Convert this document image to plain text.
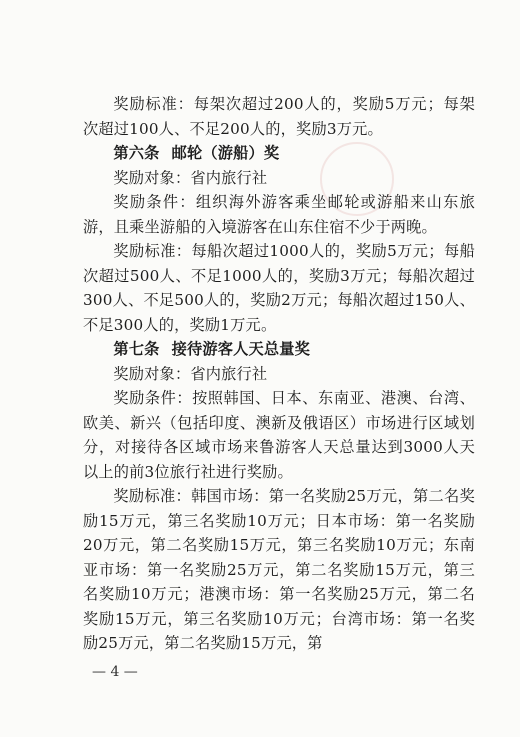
奖励标准：每架次超过200人的，奖励5万元；每架次超过100人、不足200人的，奖励3万元。

第六条 邮轮（游船）奖

奖励对象：省内旅行社

奖励条件：组织海外游客乘坐邮轮或游船来山东旅游，且乘坐游船的入境游客在山东住宿不少于两晚。

奖励标准：每船次超过1000人的，奖励5万元；每船次超过500人、不足1000人的，奖励3万元；每船次超过300人、不足500人的，奖励2万元；每船次超过150人、不足300人的，奖励1万元。

第七条 接待游客人天总量奖

奖励对象：省内旅行社

奖励条件：按照韩国、日本、东南亚、港澳、台湾、欧美、新兴（包括印度、澳新及俄语区）市场进行区域划分，对接待各区域市场来鲁游客人天总量达到3000人天以上的前3位旅行社进行奖励。

奖励标准：韩国市场：第一名奖励25万元，第二名奖励15万元，第三名奖励10万元；日本市场：第一名奖励20万元，第二名奖励15万元，第三名奖励10万元；东南亚市场：第一名奖励25万元，第二名奖励15万元，第三名奖励10万元；港澳市场：第一名奖励25万元，第二名奖励15万元，第三名奖励10万元；台湾市场：第一名奖励25万元，第二名奖励15万元，第

— 4 —
